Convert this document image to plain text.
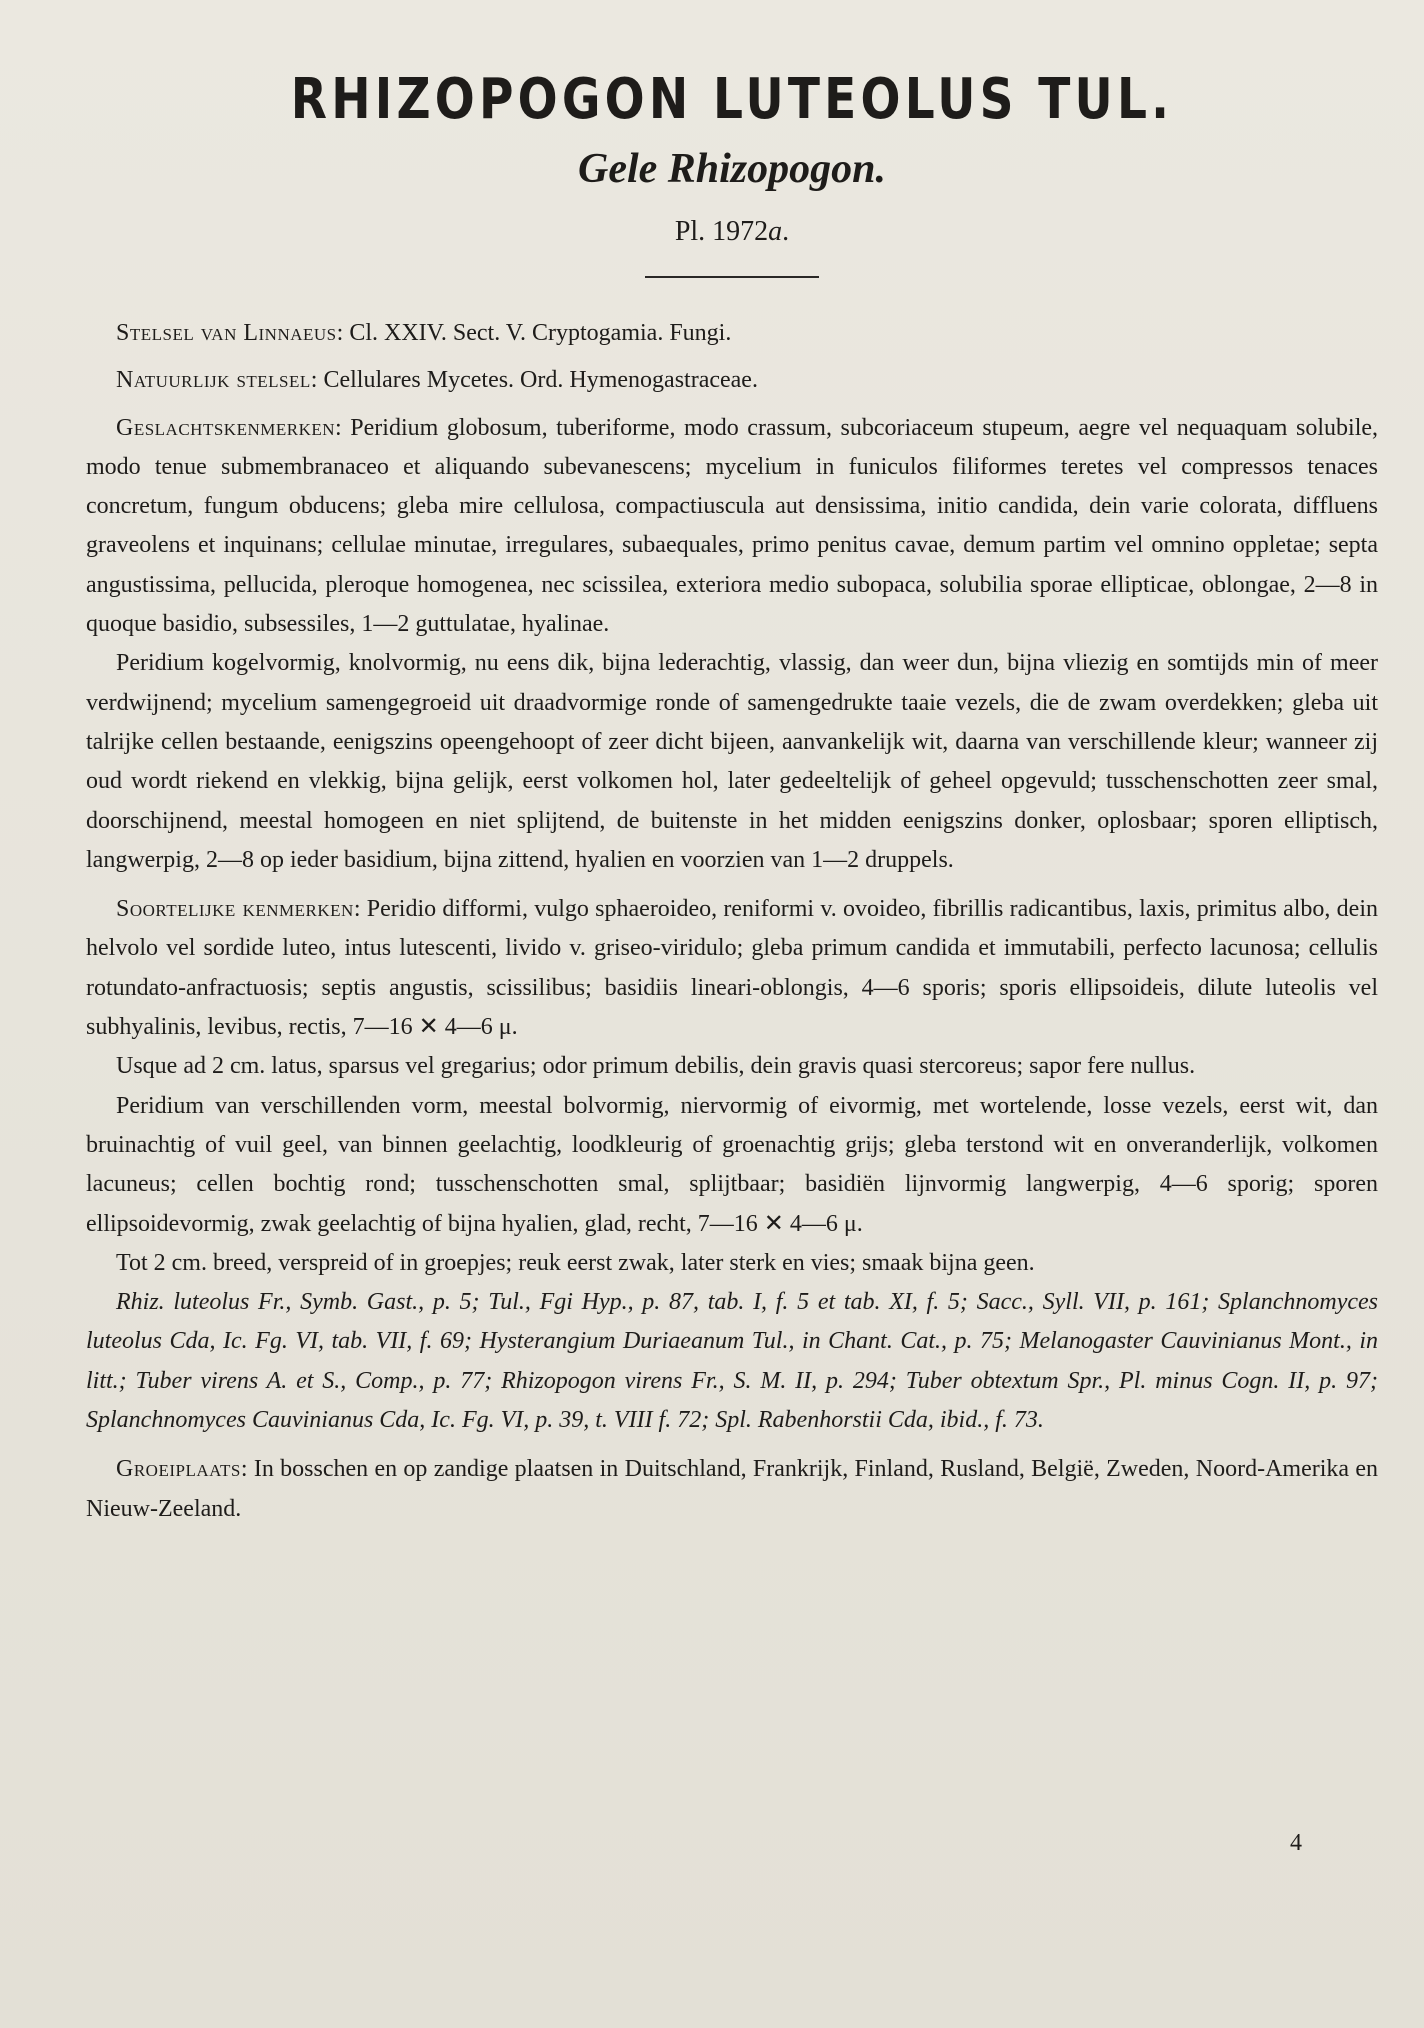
RHIZOPOGON LUTEOLUS TUL.
Gele Rhizopogon.
Pl. 1972a.

Stelsel van Linnaeus: Cl. XXIV. Sect. V. Cryptogamia. Fungi.

Natuurlijk stelsel: Cellulares Mycetes. Ord. Hymenogastraceae.

Geslachtskenmerken: Peridium globosum, tuberiforme, modo crassum, subcoriaceum stupeum, aegre vel nequaquam solubile, modo tenue submembranaceo et aliquando subevanescens; mycelium in funiculos filiformes teretes vel compressos tenaces concretum, fungum obducens; gleba mire cellulosa, compactiuscula aut densissima, initio candida, dein varie colorata, diffluens graveolens et inquinans; cellulae minutae, irregulares, subaequales, primo penitus cavae, demum partim vel omnino oppletae; septa angustissima, pellucida, pleroque homogenea, nec scissilea, exteriora medio subopaca, solubilia sporae ellipticae, oblongae, 2—8 in quoque basidio, subsessiles, 1—2 guttulatae, hyalinae.

Peridium kogelvormig, knolvormig, nu eens dik, bijna lederachtig, vlassig, dan weer dun, bijna vliezig en somtijds min of meer verdwijnend; mycelium samengegroeid uit draadvormige ronde of samengedrukte taaie vezels, die de zwam overdekken; gleba uit talrijke cellen bestaande, eenigszins opeengehoopt of zeer dicht bijeen, aanvankelijk wit, daarna van verschillende kleur; wanneer zij oud wordt riekend en vlekkig, bijna gelijk, eerst volkomen hol, later gedeeltelijk of geheel opgevuld; tusschenschotten zeer smal, doorschijnend, meestal homogeen en niet splijtend, de buitenste in het midden eenigszins donker, oplosbaar; sporen elliptisch, langwerpig, 2—8 op ieder basidium, bijna zittend, hyalien en voorzien van 1—2 druppels.

Soortelijke kenmerken: Peridio difformi, vulgo sphaeroideo, reniformi v. ovoideo, fibrillis radicantibus, laxis, primitus albo, dein helvolo vel sordide luteo, intus lutescenti, livido v. griseo-viridulo; gleba primum candida et immutabili, perfecto lacunosa; cellulis rotundato-anfractuosis; septis angustis, scissilibus; basidiis lineari-oblongis, 4—6 sporis; sporis ellipsoideis, dilute luteolis vel subhyalinis, levibus, rectis, 7—16 ✕ 4—6 μ.

Usque ad 2 cm. latus, sparsus vel gregarius; odor primum debilis, dein gravis quasi stercoreus; sapor fere nullus.

Peridium van verschillenden vorm, meestal bolvormig, niervormig of eivormig, met wortelende, losse vezels, eerst wit, dan bruinachtig of vuil geel, van binnen geelachtig, loodkleurig of groenachtig grijs; gleba terstond wit en onveranderlijk, volkomen lacuneus; cellen bochtig rond; tusschenschotten smal, splijtbaar; basidiën lijnvormig langwerpig, 4—6 sporig; sporen ellipsoidevormig, zwak geelachtig of bijna hyalien, glad, recht, 7—16 ✕ 4—6 μ.

Tot 2 cm. breed, verspreid of in groepjes; reuk eerst zwak, later sterk en vies; smaak bijna geen.

Rhiz. luteolus Fr., Symb. Gast., p. 5; Tul., Fgi Hyp., p. 87, tab. I, f. 5 et tab. XI, f. 5; Sacc., Syll. VII, p. 161; Splanchnomyces luteolus Cda, Ic. Fg. VI, tab. VII, f. 69; Hysterangium Duriaeanum Tul., in Chant. Cat., p. 75; Melanogaster Cauvinianus Mont., in litt.; Tuber virens A. et S., Comp., p. 77; Rhizopogon virens Fr., S. M. II, p. 294; Tuber obtextum Spr., Pl. minus Cogn. II, p. 97; Splanchnomyces Cauvinianus Cda, Ic. Fg. VI, p. 39, t. VIII f. 72; Spl. Rabenhorstii Cda, ibid., f. 73.

Groeiplaats: In bosschen en op zandige plaatsen in Duitschland, Frankrijk, Finland, Rusland, België, Zweden, Noord-Amerika en Nieuw-Zeeland.

4
